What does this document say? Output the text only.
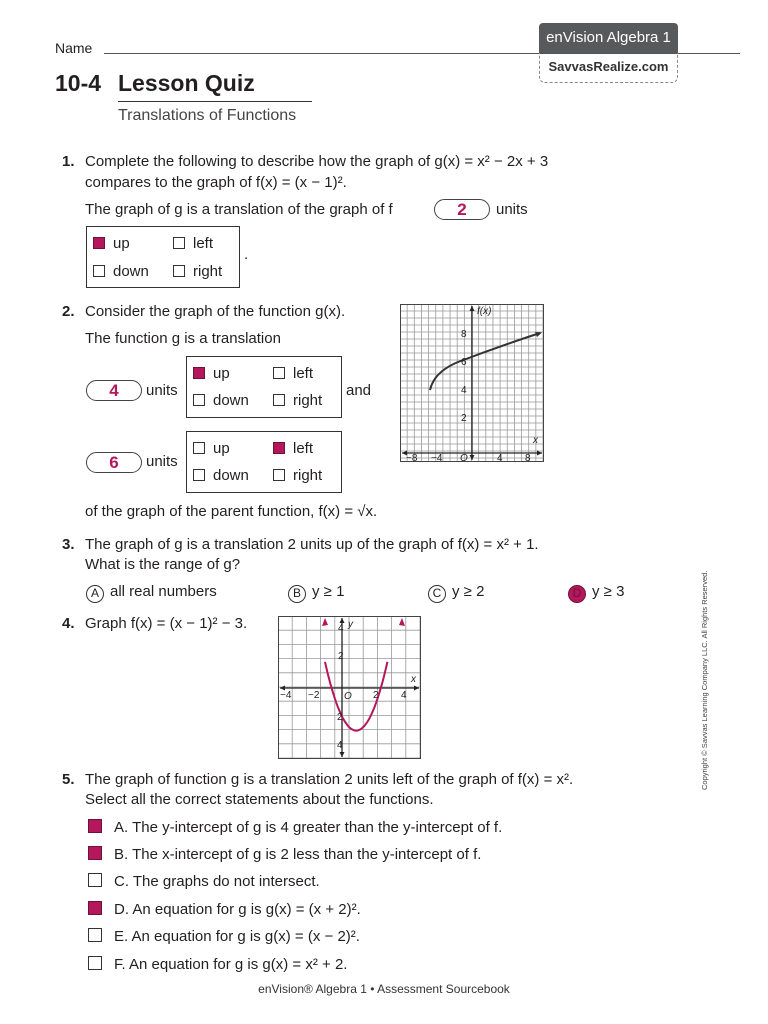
Name
enVision Algebra 1
SavvasRealize.com
10-4 Lesson Quiz
Translations of Functions
1. Complete the following to describe how the graph of g(x) = x² − 2x + 3
compares to the graph of f(x) = (x − 1)².
The graph of g is a translation of the graph of f	2	units
up	left
down	right
.
2. Consider the graph of the function g(x).
The function g is a translation
4	units
up	left
down	right
and
6	units
up	left
down	right
of the graph of the parent function, f(x) = √x.
f(x)
x
−8 −4	4 8
8
6
4
2
O
3. The graph of g is a translation 2 units up of the graph of f(x) = x² + 1.
What is the range of g?
A all real numbers	B y ≥ 1	C y ≥ 2	D y ≥ 3
4. Graph f(x) = (x − 1)² − 3.	y
x
−4 −2	2 4
4
2
2
4
O
5. The graph of function g is a translation 2 units left of the graph of f(x) = x².
Select all the correct statements about the functions.
A. The y-intercept of g is 4 greater than the y-intercept of f.
B. The x-intercept of g is 2 less than the y-intercept of f.
C. The graphs do not intersect.
D. An equation for g is g(x) = (x + 2)².
E. An equation for g is g(x) = (x − 2)².
F. An equation for g is g(x) = x² + 2.
Copyright © Savvas Learning Company LLC. All Rights Reserved.
enVision® Algebra 1 • Assessment Sourcebook
